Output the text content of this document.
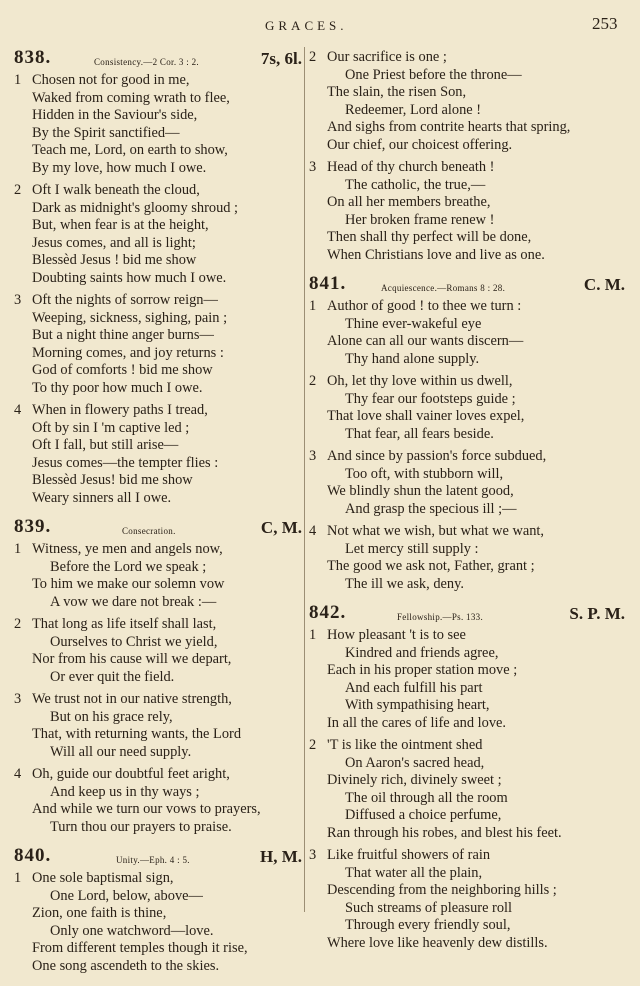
GRACES.	253
838.	Consistency.—2 Cor. 3 : 2.	7s, 6l.
1 Chosen not for good in me,
Waked from coming wrath to flee,
Hidden in the Saviour's side,
By the Spirit sanctified—
Teach me, Lord, on earth to show,
By my love, how much I owe.
2 Oft I walk beneath the cloud,
Dark as midnight's gloomy shroud ;
But, when fear is at the height,
Jesus comes, and all is light;
Blessèd Jesus ! bid me show
Doubting saints how much I owe.
3 Oft the nights of sorrow reign—
Weeping, sickness, sighing, pain ;
But a night thine anger burns—
Morning comes, and joy returns :
God of comforts ! bid me show
To thy poor how much I owe.
4 When in flowery paths I tread,
Oft by sin I 'm captive led ;
Oft I fall, but still arise—
Jesus comes—the tempter flies :
Blessèd Jesus! bid me show
Weary sinners all I owe.
839.	Consecration.	C, M.
1 Witness, ye men and angels now,
Before the Lord we speak ;
To him we make our solemn vow
A vow we dare not break :—
2 That long as life itself shall last,
Ourselves to Christ we yield,
Nor from his cause will we depart,
Or ever quit the field.
3 We trust not in our native strength,
But on his grace rely,
That, with returning wants, the Lord
Will all our need supply.
4 Oh, guide our doubtful feet aright,
And keep us in thy ways ;
And while we turn our vows to prayers,
Turn thou our prayers to praise.
840.	Unity.—Eph. 4 : 5.	H, M.
1 One sole baptismal sign,
One Lord, below, above—
Zion, one faith is thine,
Only one watchword—love.
From different temples though it rise,
One song ascendeth to the skies.
2 Our sacrifice is one ;
One Priest before the throne—
The slain, the risen Son,
Redeemer, Lord alone !
And sighs from contrite hearts that spring,
Our chief, our choicest offering.
3 Head of thy church beneath !
The catholic, the true,—
On all her members breathe,
Her broken frame renew !
Then shall thy perfect will be done,
When Christians love and live as one.
841.	Acquiescence.—Romans 8 : 28.	C. M.
1 Author of good ! to thee we turn :
Thine ever-wakeful eye
Alone can all our wants discern—
Thy hand alone supply.
2 Oh, let thy love within us dwell,
Thy fear our footsteps guide ;
That love shall vainer loves expel,
That fear, all fears beside.
3 And since by passion's force subdued,
Too oft, with stubborn will,
We blindly shun the latent good,
And grasp the specious ill ;—
4 Not what we wish, but what we want,
Let mercy still supply :
The good we ask not, Father, grant ;
The ill we ask, deny.
842.	Fellowship.—Ps. 133.	S. P. M.
1 How pleasant 't is to see
Kindred and friends agree,
Each in his proper station move ;
And each fulfill his part
With sympathising heart,
In all the cares of life and love.
2 'T is like the ointment shed
On Aaron's sacred head,
Divinely rich, divinely sweet ;
The oil through all the room
Diffused a choice perfume,
Ran through his robes, and blest his feet.
3 Like fruitful showers of rain
That water all the plain,
Descending from the neighboring hills ;
Such streams of pleasure roll
Through every friendly soul,
Where love like heavenly dew distills.
